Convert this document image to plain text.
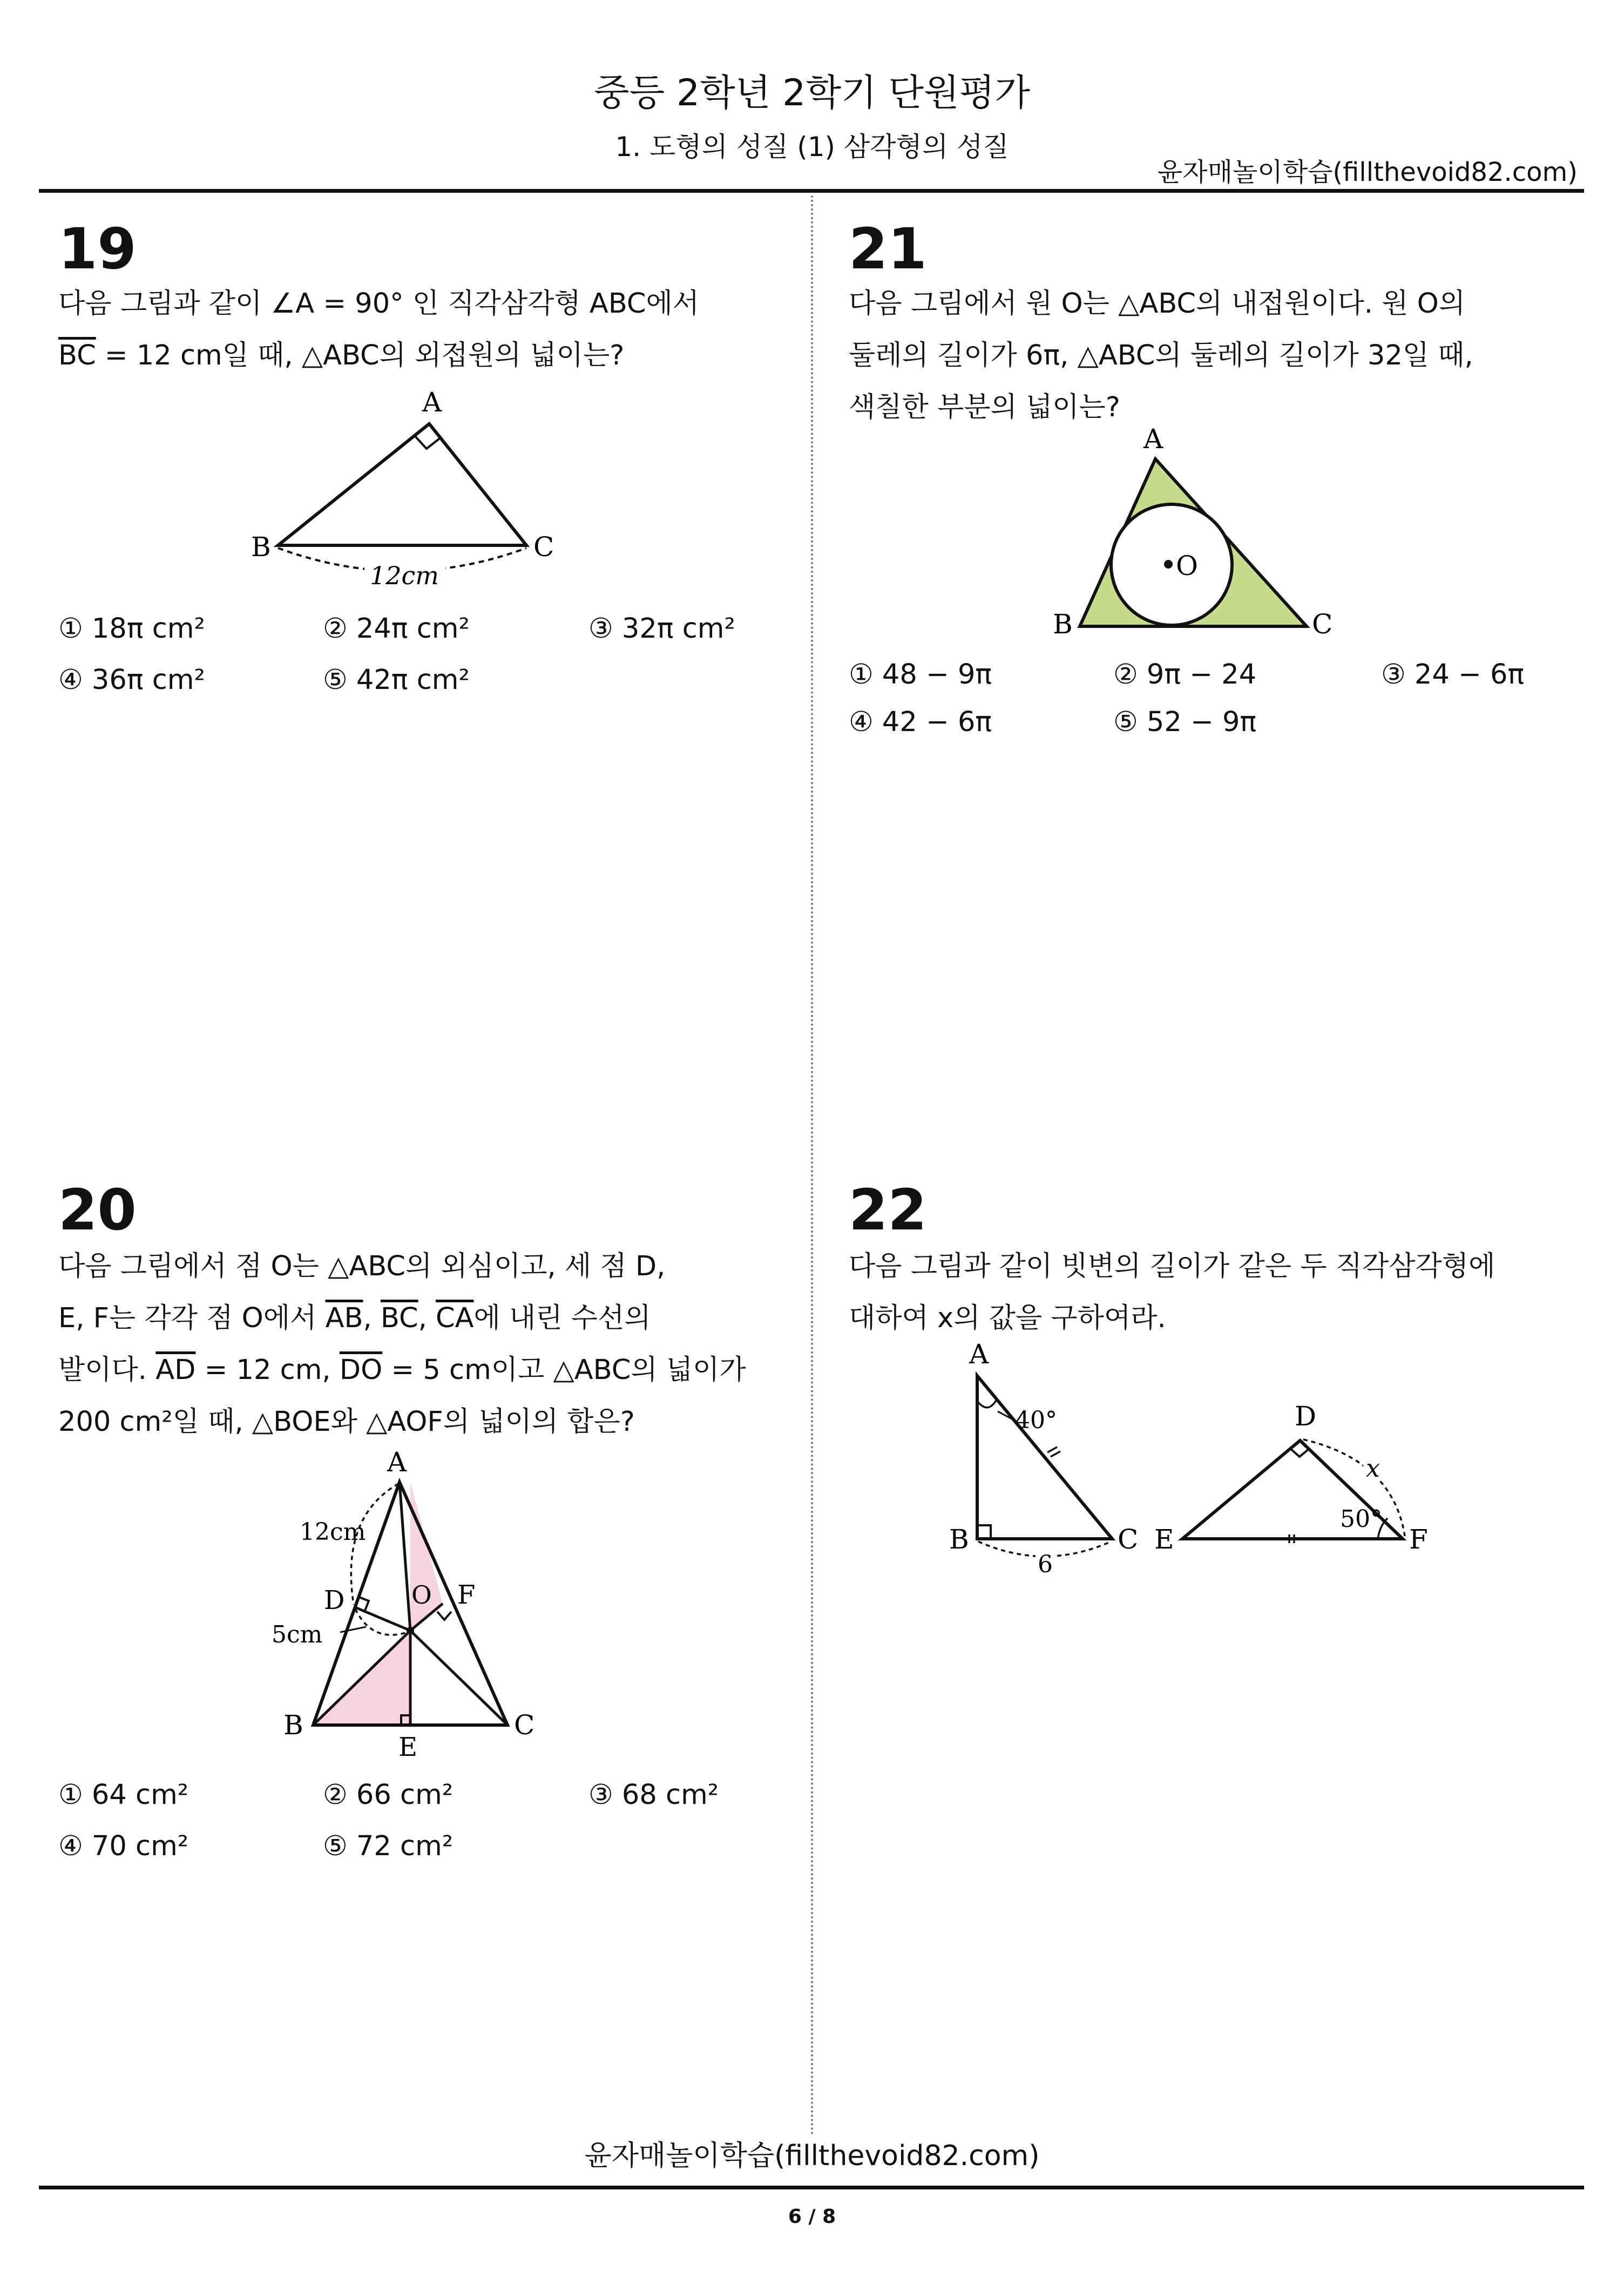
중등 2학년 2학기 단원평가
1. 도형의 성질 (1) 삼각형의 성질
윤자매놀이학습(fillthevoid82.com)
19
다음 그림과 같이 ∠A = 90° 인 직각삼각형 ABC에서
$\overline{BC} = 12$ cm일 때, △ABC의 외접원의 넓이는?
A
B	C
12cm
① 18π cm²	② 24π cm²	③ 32π cm²
④ 36π cm²	⑤ 42π cm²
21
다음 그림에서 원 O는 △ABC의 내접원이다. 원 O의
둘레의 길이가 6π, △ABC의 둘레의 길이가 32일 때,
색칠한 부분의 넓이는?
O
A
B	C
① 48 − 9π	② 9π − 24	③ 24 − 6π
④ 42 − 6π	⑤ 52 − 9π
20
다음 그림에서 점 O는 △ABC의 외심이고, 세 점 D,
E, F는 각각 점 O에서 $\overline{AB}$, $\overline{BC}$, $\overline{CA}$에 내린 수선의
발이다. $\overline{AD} = 12$ cm, $\overline{DO} = 5$ cm이고 △ABC의 넓이가
200 cm²일 때, △BOE와 △AOF의 넓이의 합은?
A
B	C
D
E
F
O
12cm
5cm
① 64 cm²	② 66 cm²	③ 68 cm²
④ 70 cm²	⑤ 72 cm²
22
다음 그림과 같이 빗변의 길이가 같은 두 직각삼각형에
대하여 x의 값을 구하여라.
A
B	C
40°
6
E
D
F
50°
x
윤자매놀이학습(fillthevoid82.com)
6 / 8
